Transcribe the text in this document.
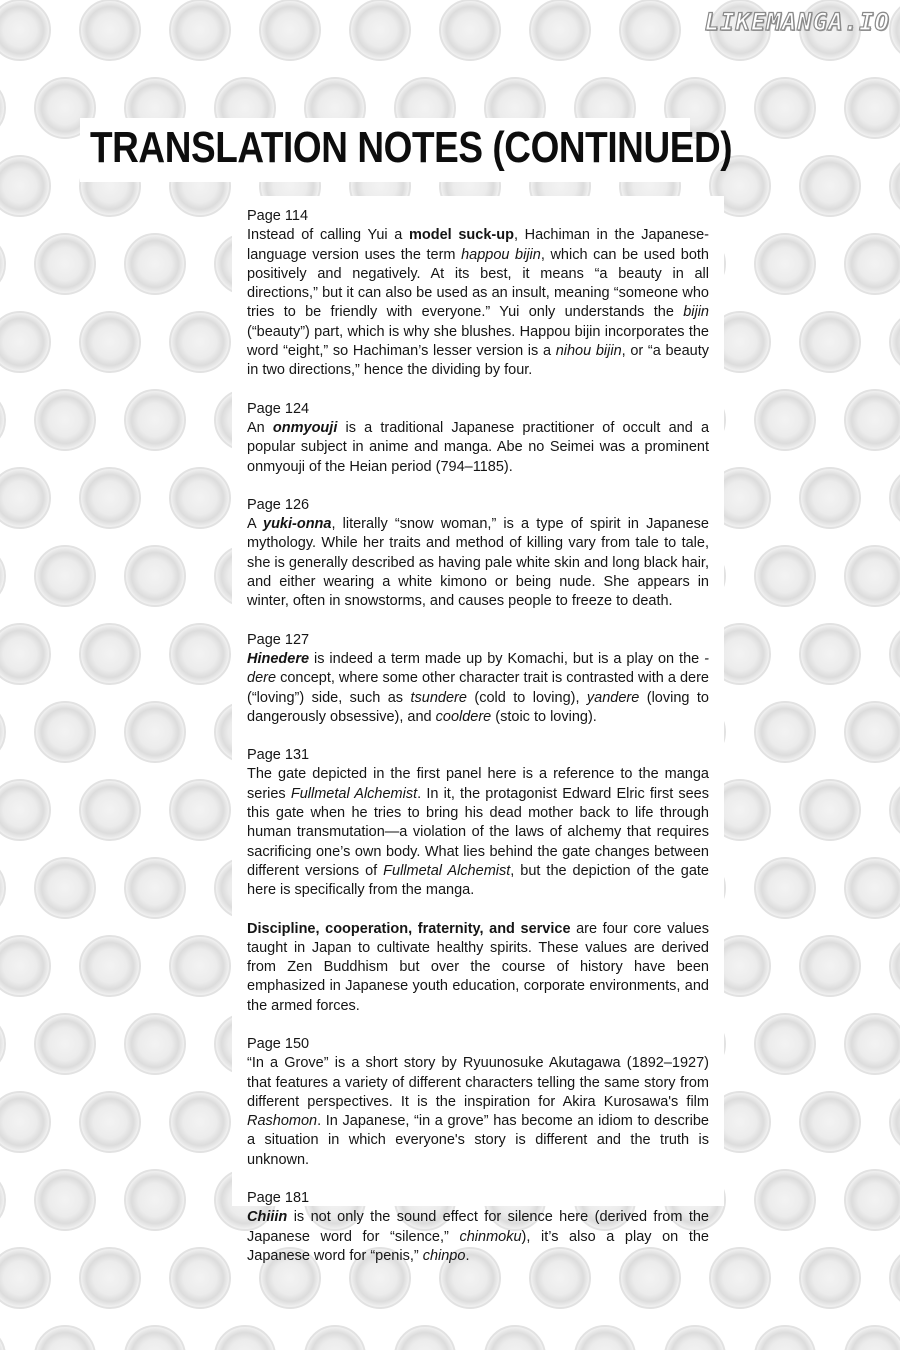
LIKEMANGA.IO
TRANSLATION NOTES (CONTINUED)
Page 114
Instead of calling Yui a model suck-up, Hachiman in the Japanese-language version uses the term happou bijin, which can be used both positively and negatively. At its best, it means “a beauty in all directions,” but it can also be used as an insult, meaning “someone who tries to be friendly with everyone.” Yui only understands the bijin (“beauty”) part, which is why she blushes. Happou bijin incorporates the word “eight,” so Hachiman’s lesser version is a nihou bijin, or “a beauty in two directions,” hence the dividing by four.
Page 124
An onmyouji is a traditional Japanese practitioner of occult and a popular subject in anime and manga. Abe no Seimei was a prominent onmyouji of the Heian period (794–1185).
Page 126
A yuki-onna, literally “snow woman,” is a type of spirit in Japanese mythology. While her traits and method of killing vary from tale to tale, she is generally described as having pale white skin and long black hair, and either wearing a white kimono or being nude. She appears in winter, often in snowstorms, and causes people to freeze to death.
Page 127
Hinedere is indeed a term made up by Komachi, but is a play on the -dere concept, where some other character trait is contrasted with a dere (“loving”) side, such as tsundere (cold to loving), yandere (loving to dangerously obsessive), and cooldere (stoic to loving).
Page 131
The gate depicted in the first panel here is a reference to the manga series Fullmetal Alchemist. In it, the protagonist Edward Elric first sees this gate when he tries to bring his dead mother back to life through human transmutation—a violation of the laws of alchemy that requires sacrificing one’s own body. What lies behind the gate changes between different versions of Fullmetal Alchemist, but the depiction of the gate here is specifically from the manga.
Discipline, cooperation, fraternity, and service are four core values taught in Japan to cultivate healthy spirits. These values are derived from Zen Buddhism but over the course of history have been emphasized in Japanese youth education, corporate environments, and the armed forces.
Page 150
“In a Grove” is a short story by Ryuunosuke Akutagawa (1892–1927) that features a variety of different characters telling the same story from different perspectives. It is the inspiration for Akira Kurosawa's film Rashomon. In Japanese, “in a grove” has become an idiom to describe a situation in which everyone's story is different and the truth is unknown.
Page 181
Chiiin is not only the sound effect for silence here (derived from the Japanese word for “silence,” chinmoku), it’s also a play on the Japanese word for “penis,” chinpo.
